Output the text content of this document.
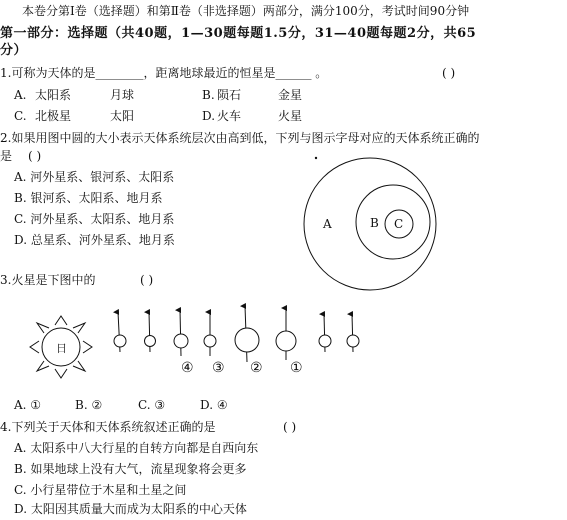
本卷分第Ⅰ卷（选择题）和第Ⅱ卷（非选择题）两部分，满分100分，考试时间90分钟
第一部分：选择题（共40题，1—30题每题1.5分，31—40题每题2分，共65
分）
1.可称为天体的是________，距离地球最近的恒星是______ 。	( )
A. 太阳系	月球	B. 陨石	金星
C. 北极星	太阳	D. 火车	火星
2.如果用图中圆的大小表示天体系统层次由高到低，下列与图示字母对应的天体系统正确的
是 ( )
A. 河外星系、银河系、太阳系
B. 银河系、太阳系、地月系
C. 河外星系、太阳系、地月系
D. 总星系、河外星系、地月系
A	B C
3.火星是下图中的	( )
日
④ ③ ② ①
A. ①	B. ②	C. ③	D. ④
4.下列关于天体和天体系统叙述正确的是	( )
A. 太阳系中八大行星的自转方向都是自西向东
B. 如果地球上没有大气，流星现象将会更多
C. 小行星带位于木星和土星之间
D. 太阳因其质量大而成为太阳系的中心天体
